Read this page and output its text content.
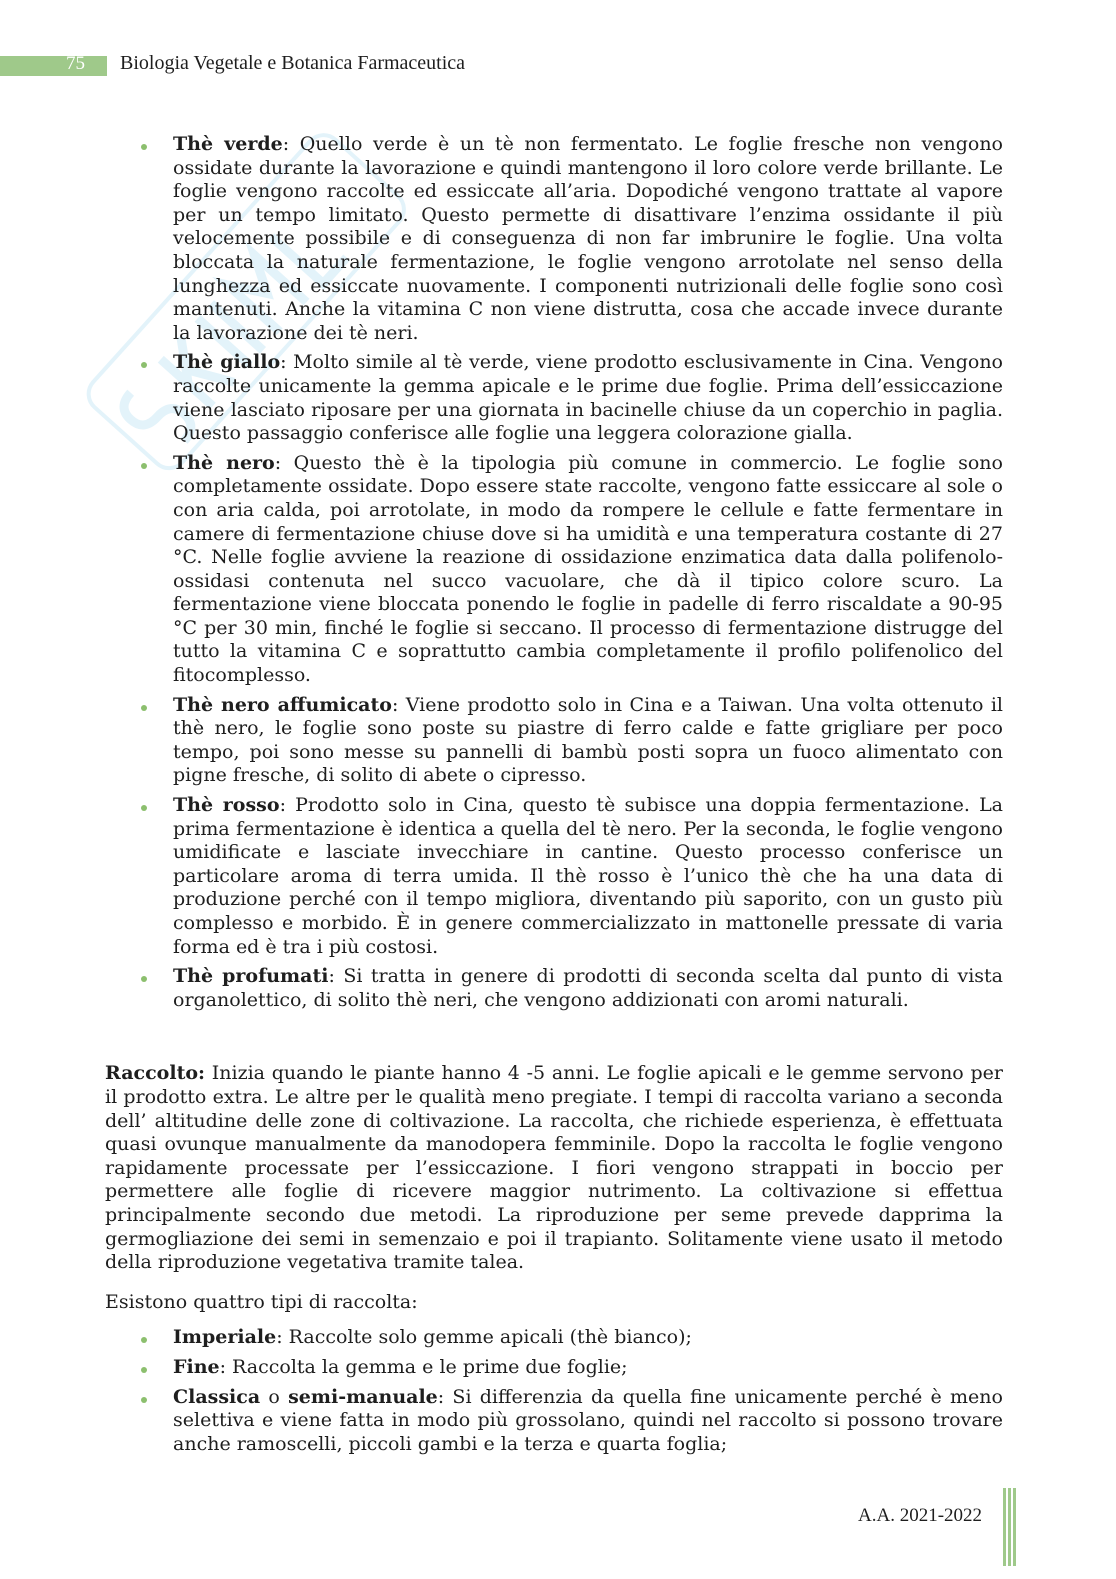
75 Biologia Vegetale e Botanica Farmaceutica
Thè verde: Quello verde è un tè non fermentato. Le foglie fresche non vengono ossidate durante la lavorazione e quindi mantengono il loro colore verde brillante. Le foglie vengono raccolte ed essiccate all’aria. Dopodiché vengono trattate al vapore per un tempo limitato. Questo permette di disattivare l’enzima ossidante il più velocemente possibile e di conseguenza di non far imbrunire le foglie. Una volta bloccata la naturale fermentazione, le foglie vengono arrotolate nel senso della lunghezza ed essiccate nuovamente. I componenti nutrizionali delle foglie sono così mantenuti. Anche la vitamina C non viene distrutta, cosa che accade invece durante la lavorazione dei tè neri.
Thè giallo: Molto simile al tè verde, viene prodotto esclusivamente in Cina. Vengono raccolte unicamente la gemma apicale e le prime due foglie. Prima dell’essiccazione viene lasciato riposare per una giornata in bacinelle chiuse da un coperchio in paglia. Questo passaggio conferisce alle foglie una leggera colorazione gialla.
Thè nero: Questo thè è la tipologia più comune in commercio. Le foglie sono completamente ossidate. Dopo essere state raccolte, vengono fatte essiccare al sole o con aria calda, poi arrotolate, in modo da rompere le cellule e fatte fermentare in camere di fermentazione chiuse dove si ha umidità e una temperatura costante di 27 °C. Nelle foglie avviene la reazione di ossidazione enzimatica data dalla polifenolo-ossidasi contenuta nel succo vacuolare, che dà il tipico colore scuro. La fermentazione viene bloccata ponendo le foglie in padelle di ferro riscaldate a 90-95 °C per 30 min, finché le foglie si seccano. Il processo di fermentazione distrugge del tutto la vitamina C e soprattutto cambia completamente il profilo polifenolico del fitocomplesso.
Thè nero affumicato: Viene prodotto solo in Cina e a Taiwan. Una volta ottenuto il thè nero, le foglie sono poste su piastre di ferro calde e fatte grigliare per poco tempo, poi sono messe su pannelli di bambù posti sopra un fuoco alimentato con pigne fresche, di solito di abete o cipresso.
Thè rosso: Prodotto solo in Cina, questo tè subisce una doppia fermentazione. La prima fermentazione è identica a quella del tè nero. Per la seconda, le foglie vengono umidificate e lasciate invecchiare in cantine. Questo processo conferisce un particolare aroma di terra umida. Il thè rosso è l’unico thè che ha una data di produzione perché con il tempo migliora, diventando più saporito, con un gusto più complesso e morbido. È in genere commercializzato in mattonelle pressate di varia forma ed è tra i più costosi.
Thè profumati: Si tratta in genere di prodotti di seconda scelta dal punto di vista organolettico, di solito thè neri, che vengono addizionati con aromi naturali.

Raccolto: Inizia quando le piante hanno 4 -5 anni. Le foglie apicali e le gemme servono per il prodotto extra. Le altre per le qualità meno pregiate. I tempi di raccolta variano a seconda dell’ altitudine delle zone di coltivazione. La raccolta, che richiede esperienza, è effettuata quasi ovunque manualmente da manodopera femminile. Dopo la raccolta le foglie vengono rapidamente processate per l’essiccazione. I fiori vengono strappati in boccio per permettere alle foglie di ricevere maggior nutrimento. La coltivazione si effettua principalmente secondo due metodi. La riproduzione per seme prevede dapprima la germogliazione dei semi in semenzaio e poi il trapianto. Solitamente viene usato il metodo della riproduzione vegetativa tramite talea.

Esistono quattro tipi di raccolta:

Imperiale: Raccolte solo gemme apicali (thè bianco);
Fine: Raccolta la gemma e le prime due foglie;
Classica o semi-manuale: Si differenzia da quella fine unicamente perché è meno selettiva e viene fatta in modo più grossolano, quindi nel raccolto si possono trovare anche ramoscelli, piccoli gambi e la terza e quarta foglia;
A.A. 2021-2022
